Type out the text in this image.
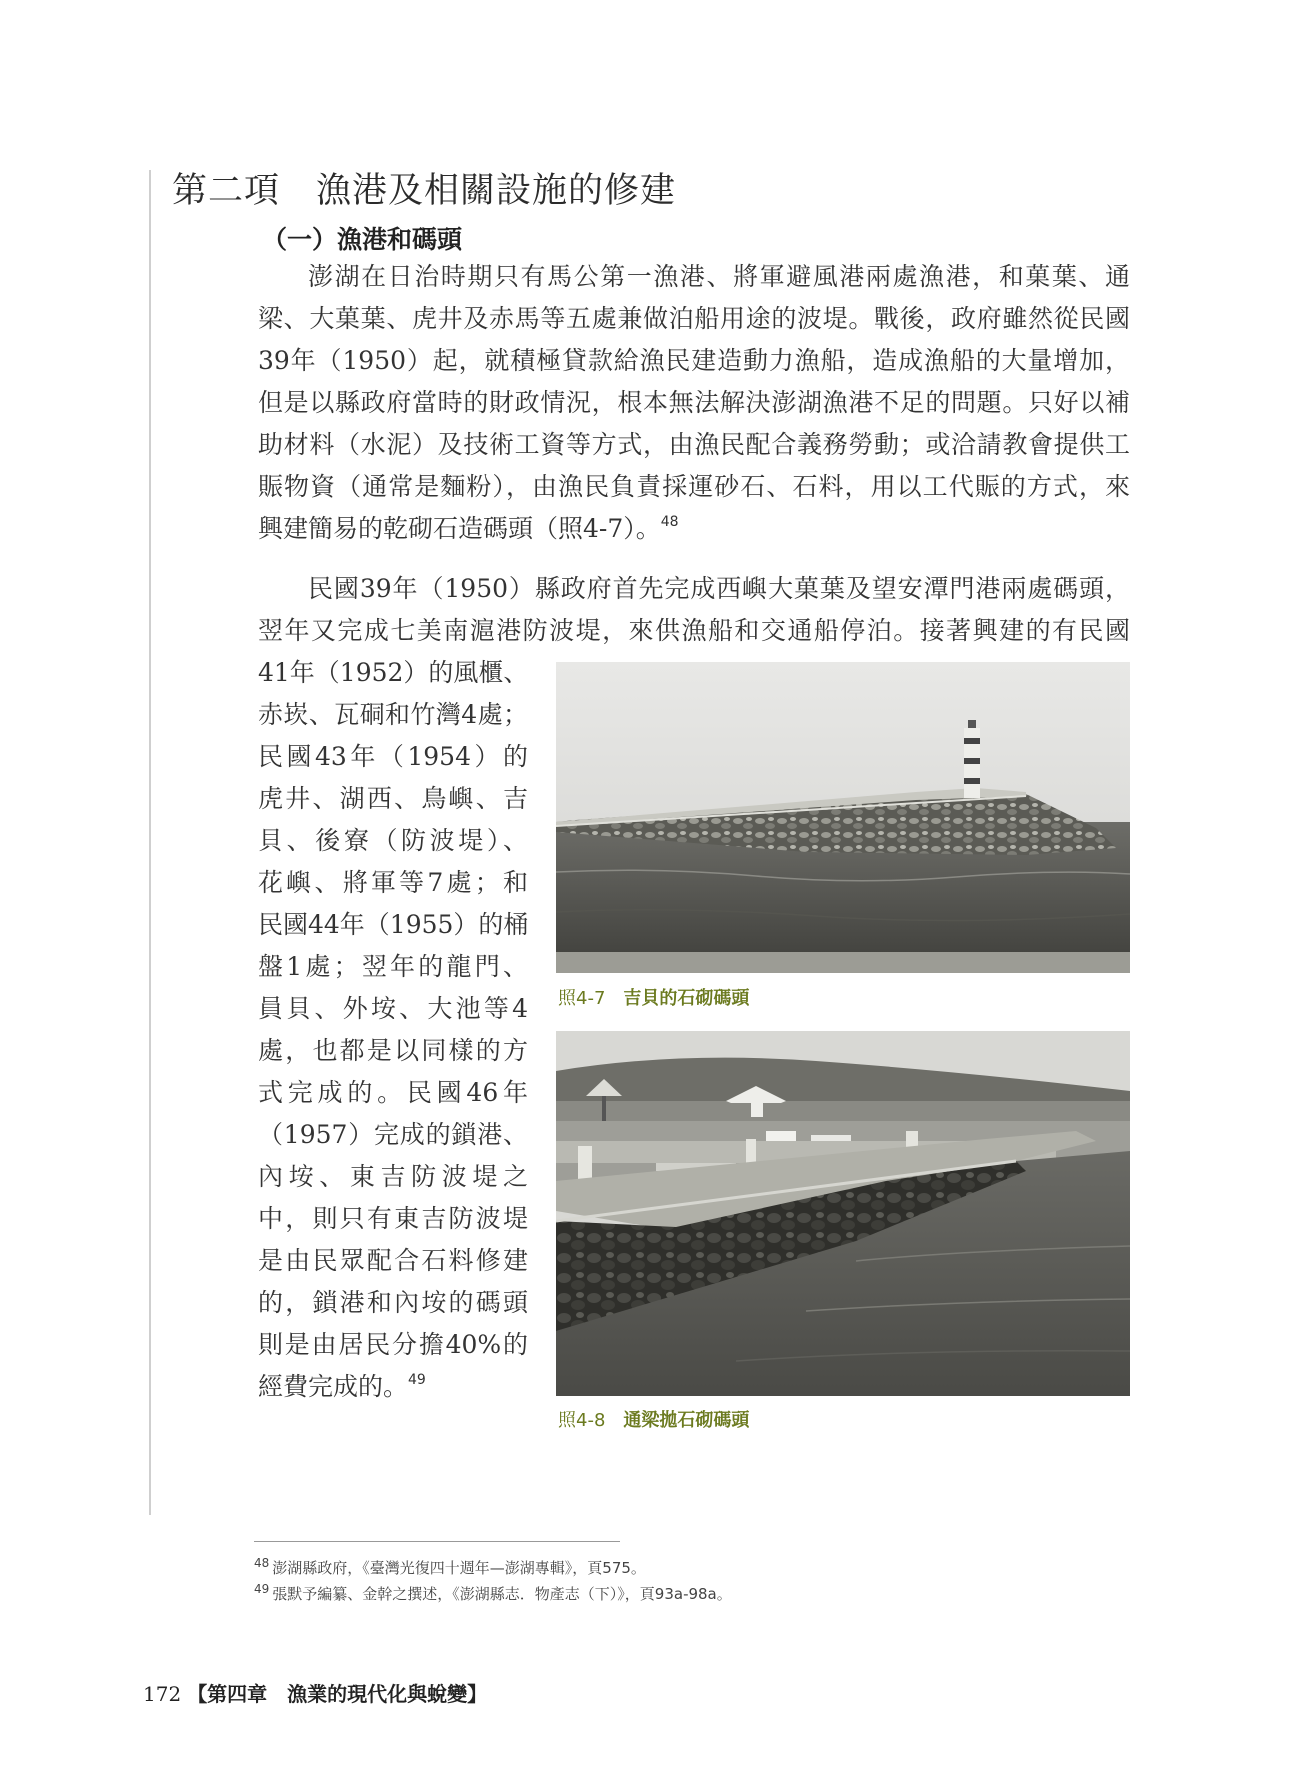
第二項　漁港及相關設施的修建
（一）漁港和碼頭
澎湖在日治時期只有馬公第一漁港、將軍避風港兩處漁港，和菓葉、通
梁、大菓葉、虎井及赤馬等五處兼做泊船用途的波堤。戰後，政府雖然從民國
39年（1950）起，就積極貸款給漁民建造動力漁船，造成漁船的大量增加，
但是以縣政府當時的財政情況，根本無法解決澎湖漁港不足的問題。只好以補
助材料（水泥）及技術工資等方式，由漁民配合義務勞動；或洽請教會提供工
賑物資（通常是麵粉），由漁民負責採運砂石、石料，用以工代賑的方式，來
興建簡易的乾砌石造碼頭（照4-7）。$^{48}$
民國39年（1950）縣政府首先完成西嶼大菓葉及望安潭門港兩處碼頭，
翌年又完成七美南滬港防波堤，來供漁船和交通船停泊。接著興建的有民國
41年（1952）的風櫃、
赤崁、瓦硐和竹灣4處；
民國43年（1954）的
虎井、湖西、鳥嶼、吉
貝、後寮（防波堤）、
花嶼、將軍等7處；和
民國44年（1955）的桶
盤1處；翌年的龍門、
員貝、外垵、大池等4
處，也都是以同樣的方
式完成的。民國46年
（1957）完成的鎖港、
內垵、東吉防波堤之
中，則只有東吉防波堤
是由民眾配合石料修建
的，鎖港和內垵的碼頭
則是由居民分擔40%的
經費完成的。$^{49}$

照4-7　 吉貝的石砌碼頭

照4-8　 通梁拋石砌碼頭

$^{48}$ 澎湖縣政府，《臺灣光復四十週年—澎湖專輯》，頁575。

$^{49}$ 張默予編纂、金幹之撰述，《澎湖縣志．物產志（下）》，頁93a-98a。

172 【第四章　漁業的現代化與蛻變】
